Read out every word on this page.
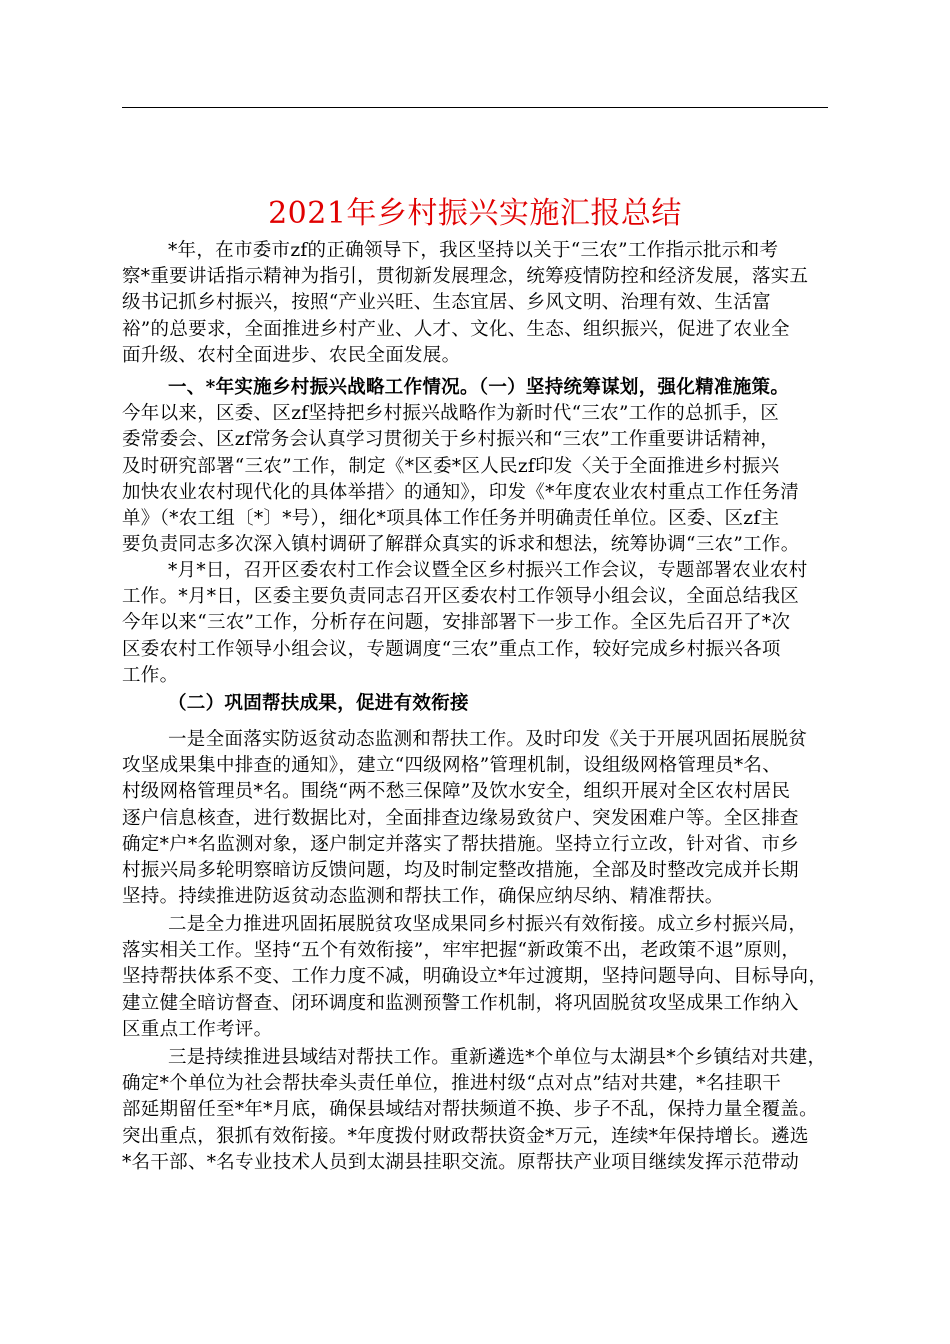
2021年乡村振兴实施汇报总结
*年，在市委市zf的正确领导下，我区坚持以关于“三农”工作指示批示和考
察*重要讲话指示精神为指引，贯彻新发展理念，统筹疫情防控和经济发展，落实五
级书记抓乡村振兴，按照“产业兴旺、生态宜居、乡风文明、治理有效、生活富
裕”的总要求，全面推进乡村产业、人才、文化、生态、组织振兴，促进了农业全
面升级、农村全面进步、农民全面发展。
一、*年实施乡村振兴战略工作情况。（一）坚持统筹谋划，强化精准施策。
今年以来，区委、区zf坚持把乡村振兴战略作为新时代“三农”工作的总抓手，区
委常委会、区zf常务会认真学习贯彻关于乡村振兴和“三农”工作重要讲话精神，
及时研究部署“三农”工作，制定《*区委*区人民zf印发〈关于全面推进乡村振兴
加快农业农村现代化的具体举措〉的通知》，印发《*年度农业农村重点工作任务清
单》（*农工组〔*〕*号），细化*项具体工作任务并明确责任单位。区委、区zf主
要负责同志多次深入镇村调研了解群众真实的诉求和想法，统筹协调“三农”工作。
*月*日，召开区委农村工作会议暨全区乡村振兴工作会议，专题部署农业农村
工作。*月*日，区委主要负责同志召开区委农村工作领导小组会议，全面总结我区
今年以来“三农”工作，分析存在问题，安排部署下一步工作。全区先后召开了*次
区委农村工作领导小组会议，专题调度“三农”重点工作，较好完成乡村振兴各项
工作。
（二）巩固帮扶成果，促进有效衔接
一是全面落实防返贫动态监测和帮扶工作。及时印发《关于开展巩固拓展脱贫
攻坚成果集中排查的通知》，建立“四级网格”管理机制，设组级网格管理员*名、
村级网格管理员*名。围绕“两不愁三保障”及饮水安全，组织开展对全区农村居民
逐户信息核查，进行数据比对，全面排查边缘易致贫户、突发困难户等。全区排查
确定*户*名监测对象，逐户制定并落实了帮扶措施。坚持立行立改，针对省、市乡
村振兴局多轮明察暗访反馈问题，均及时制定整改措施，全部及时整改完成并长期
坚持。持续推进防返贫动态监测和帮扶工作，确保应纳尽纳、精准帮扶。
二是全力推进巩固拓展脱贫攻坚成果同乡村振兴有效衔接。成立乡村振兴局，
落实相关工作。坚持“五个有效衔接”，牢牢把握“新政策不出，老政策不退”原则，
坚持帮扶体系不变、工作力度不减，明确设立*年过渡期，坚持问题导向、目标导向，
建立健全暗访督查、闭环调度和监测预警工作机制，将巩固脱贫攻坚成果工作纳入
区重点工作考评。
三是持续推进县域结对帮扶工作。重新遴选*个单位与太湖县*个乡镇结对共建，
确定*个单位为社会帮扶牵头责任单位，推进村级“点对点”结对共建，*名挂职干
部延期留任至*年*月底，确保县域结对帮扶频道不换、步子不乱，保持力量全覆盖。
突出重点，狠抓有效衔接。*年度拨付财政帮扶资金*万元，连续*年保持增长。遴选
*名干部、*名专业技术人员到太湖县挂职交流。原帮扶产业项目继续发挥示范带动
